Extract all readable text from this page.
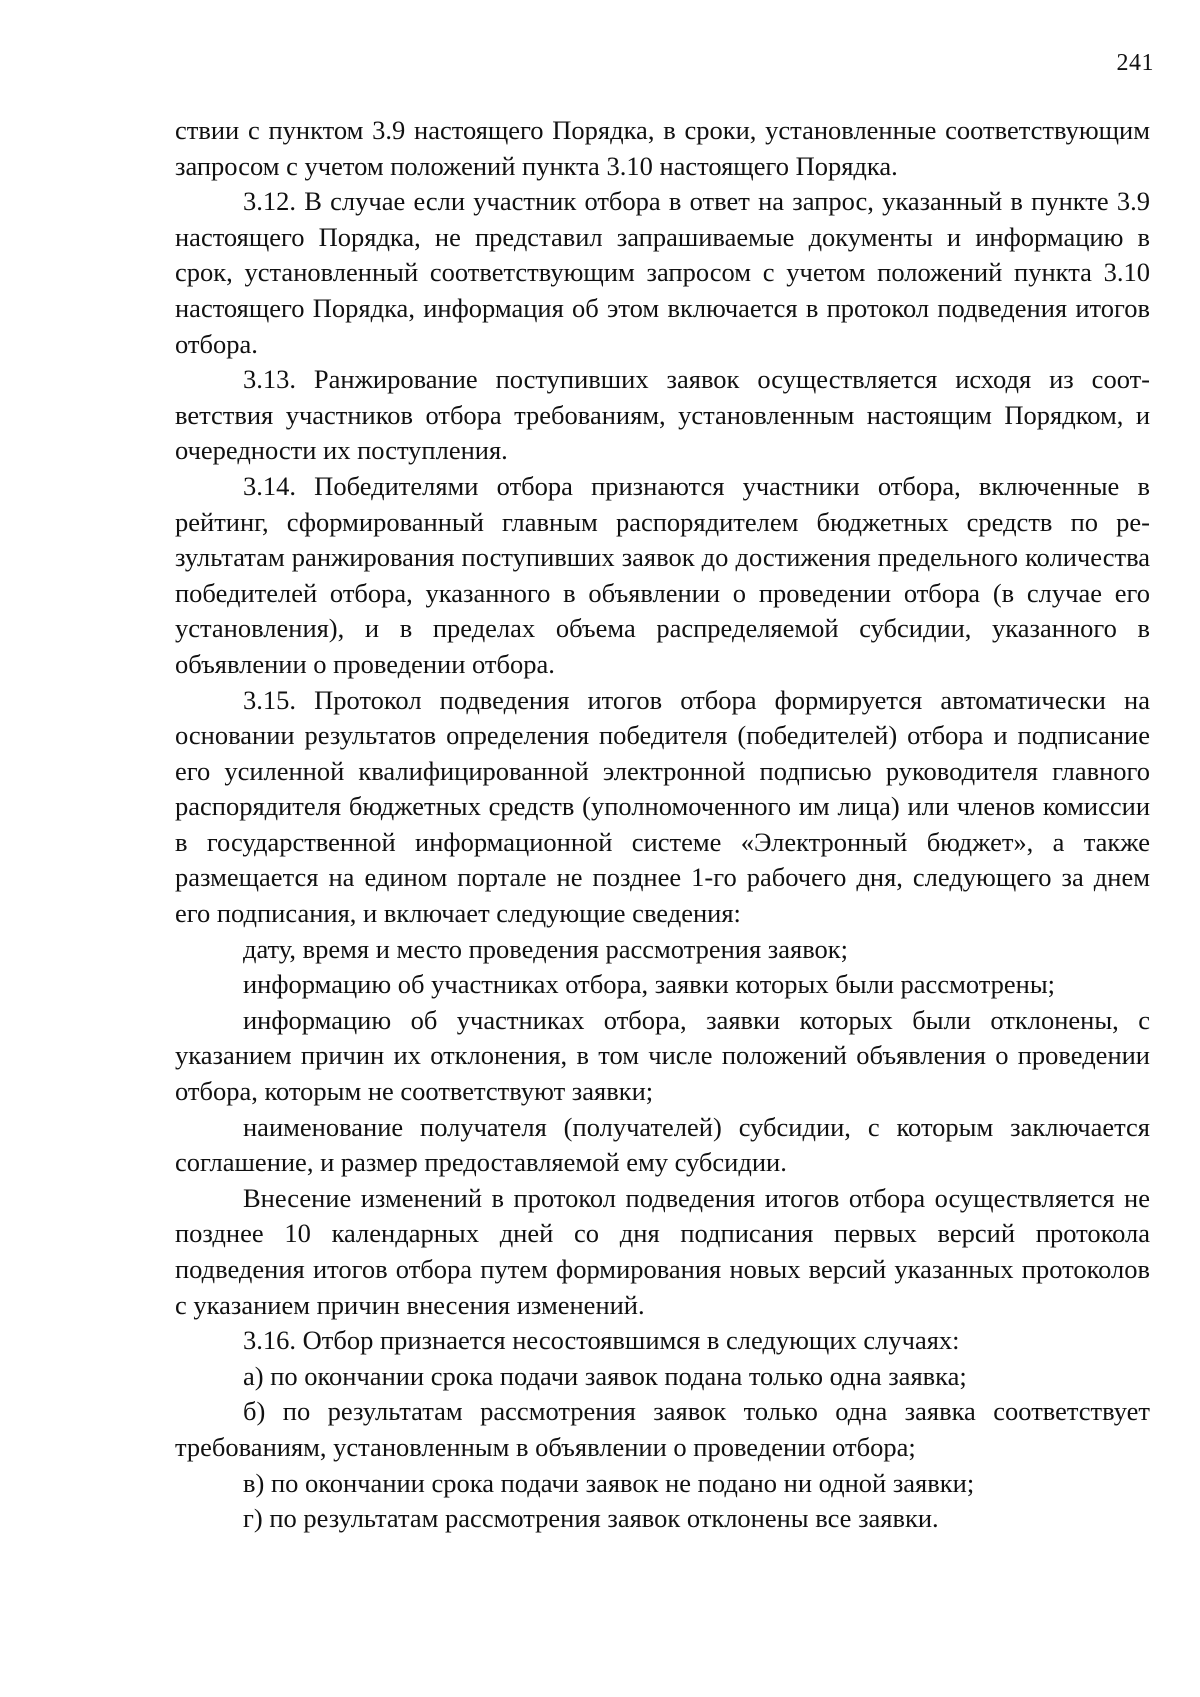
241

ствии с пунктом 3.9 настоящего Порядка, в сроки, установленные соответствующим запросом с учетом положений пункта 3.10 настоящего Порядка.

3.12. В случае если участник отбора в ответ на запрос, указанный в пункте 3.9 настоящего Порядка, не представил запрашиваемые документы и информацию в срок, установленный соответствующим запросом с учетом положений пункта 3.10 настоящего Порядка, информация об этом включается в протокол подведения итогов отбора.

3.13. Ранжирование поступивших заявок осуществляется исходя из соответствия участников отбора требованиям, установленным настоящим Порядком, и очередности их поступления.

3.14. Победителями отбора признаются участники отбора, включенные в рейтинг, сформированный главным распорядителем бюджетных средств по результатам ранжирования поступивших заявок до достижения предельного количества победителей отбора, указанного в объявлении о проведении отбора (в случае его установления), и в пределах объема распределяемой субсидии, указанного в объявлении о проведении отбора.

3.15. Протокол подведения итогов отбора формируется автоматически на основании результатов определения победителя (победителей) отбора и подписание его усиленной квалифицированной электронной подписью руководителя главного распорядителя бюджетных средств (уполномоченного им лица) или членов комиссии в государственной информационной системе «Электронный бюджет», а также размещается на едином портале не позднее 1-го рабочего дня, следующего за днем его подписания, и включает следующие сведения:

дату, время и место проведения рассмотрения заявок;

информацию об участниках отбора, заявки которых были рассмотрены;

информацию об участниках отбора, заявки которых были отклонены, с указанием причин их отклонения, в том числе положений объявления о проведении отбора, которым не соответствуют заявки;

наименование получателя (получателей) субсидии, с которым заключается соглашение, и размер предоставляемой ему субсидии.

Внесение изменений в протокол подведения итогов отбора осуществляется не позднее 10 календарных дней со дня подписания первых версий протокола подведения итогов отбора путем формирования новых версий указанных протоколов с указанием причин внесения изменений.

3.16. Отбор признается несостоявшимся в следующих случаях:

а) по окончании срока подачи заявок подана только одна заявка;

б) по результатам рассмотрения заявок только одна заявка соответствует требованиям, установленным в объявлении о проведении отбора;

в) по окончании срока подачи заявок не подано ни одной заявки;

г) по результатам рассмотрения заявок отклонены все заявки.
